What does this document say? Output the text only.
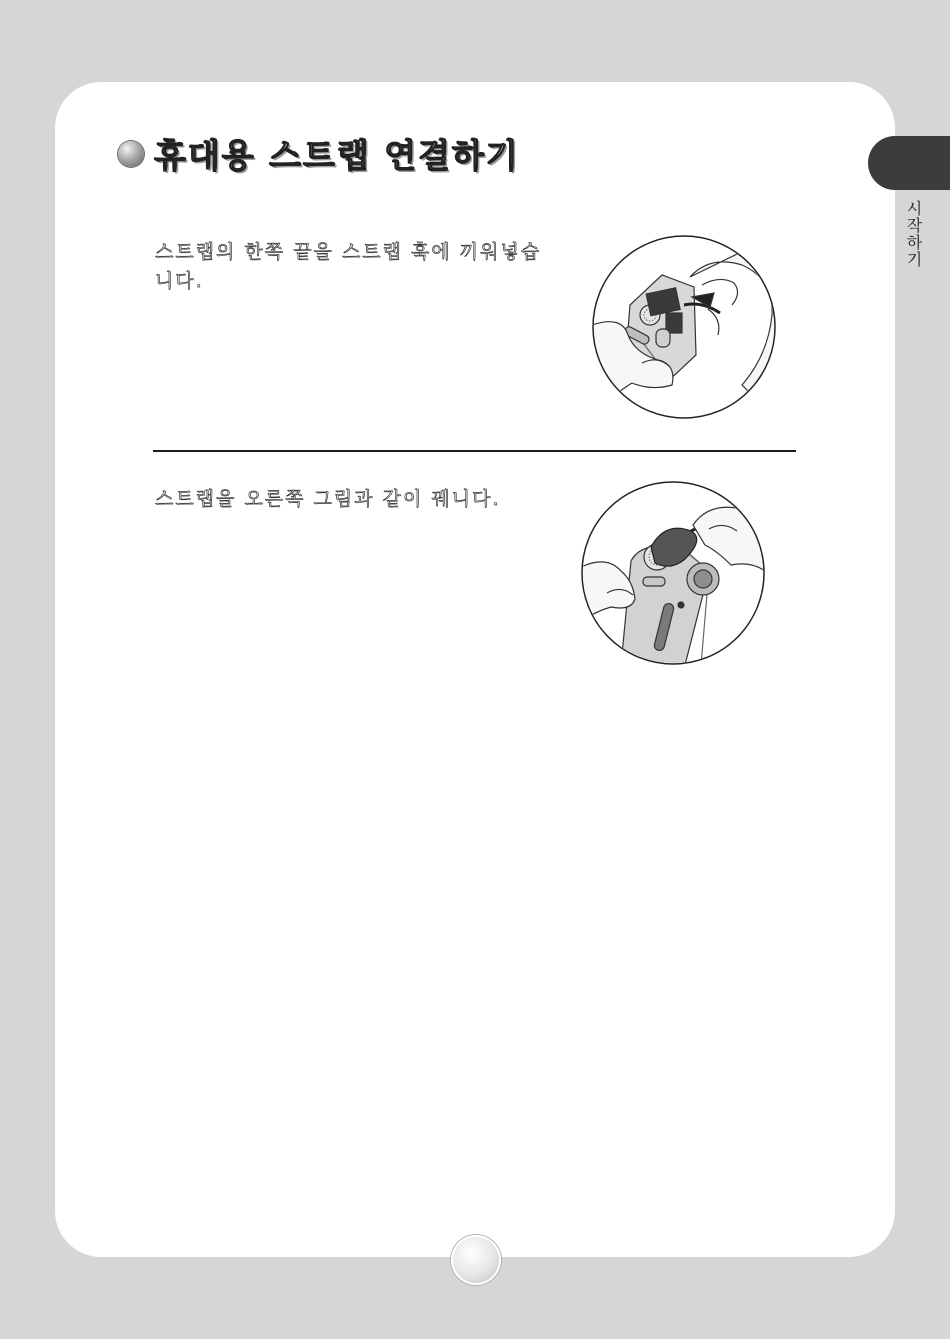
휴대용 스트랩 연결하기
시작하기
스트랩의 한쪽 끝을 스트랩 훅에 끼워넣습니다.
스트랩을 오른쪽 그림과 같이 꿰니다.
